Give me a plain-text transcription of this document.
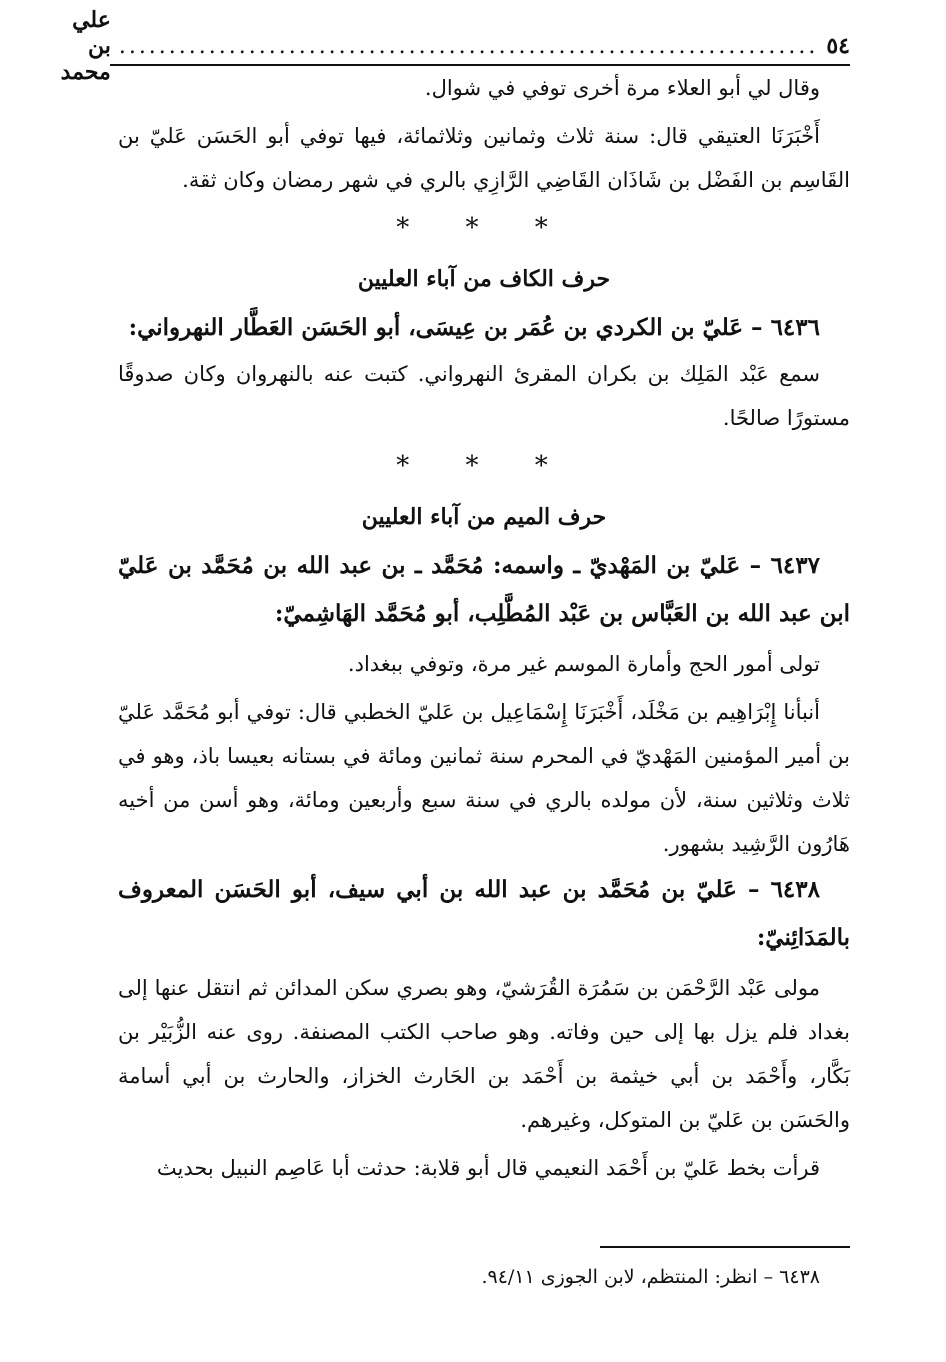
٥٤
......................................................................
علي بن محمد

وقال لي أبو العلاء مرة أخرى توفي في شوال.

أَخْبَرَنَا العتيقي قال: سنة ثلاث وثمانين وثلاثمائة، فيها توفي أبو الحَسَن عَليّ بن القَاسِم بن الفَضْل بن شَاذَان القَاضِي الرَّازِي بالري في شهر رمضان وكان ثقة.

* * *

حرف الكاف من آباء العليين

٦٤٣٦ – عَليّ بن الكردي بن عُمَر بن عِيسَى، أبو الحَسَن العَطَّار النهرواني:

سمع عَبْد المَلِك بن بكران المقرئ النهرواني. كتبت عنه بالنهروان وكان صدوقًا مستورًا صالحًا.

* * *

حرف الميم من آباء العليين

٦٤٣٧ – عَليّ بن المَهْديّ ـ واسمه: مُحَمَّد ـ بن عبد الله بن مُحَمَّد بن عَليّ ابن عبد الله بن العَبَّاس بن عَبْد المُطَّلِب، أبو مُحَمَّد الهَاشِميّ:

تولى أمور الحج وأمارة الموسم غير مرة، وتوفي ببغداد.

أنبأنا إِبْرَاهِيم بن مَخْلَد، أَخْبَرَنَا إِسْمَاعِيل بن عَليّ الخطبي قال: توفي أبو مُحَمَّد عَليّ بن أمير المؤمنين المَهْديّ في المحرم سنة ثمانين ومائة في بستانه بعيسا باذ، وهو في ثلاث وثلاثين سنة، لأن مولده بالري في سنة سبع وأربعين ومائة، وهو أسن من أخيه هَارُون الرَّشِيد بشهور.

٦٤٣٨ – عَليّ بن مُحَمَّد بن عبد الله بن أبي سيف، أبو الحَسَن المعروف بالمَدَائِنيّ:

مولى عَبْد الرَّحْمَن بن سَمُرَة القُرَشيّ، وهو بصري سكن المدائن ثم انتقل عنها إلى بغداد فلم يزل بها إلى حين وفاته. وهو صاحب الكتب المصنفة. روى عنه الزُّبَيْر بن بَكَّار، وأَحْمَد بن أبي خيثمة بن أَحْمَد بن الحَارث الخزاز، والحارث بن أبي أسامة والحَسَن بن عَليّ بن المتوكل، وغيرهم.

قرأت بخط عَليّ بن أَحْمَد النعيمي قال أبو قلابة: حدثت أبا عَاصِم النبيل بحديث

٦٤٣٨ – انظر: المنتظم، لابن الجوزى ٩٤/١١.
